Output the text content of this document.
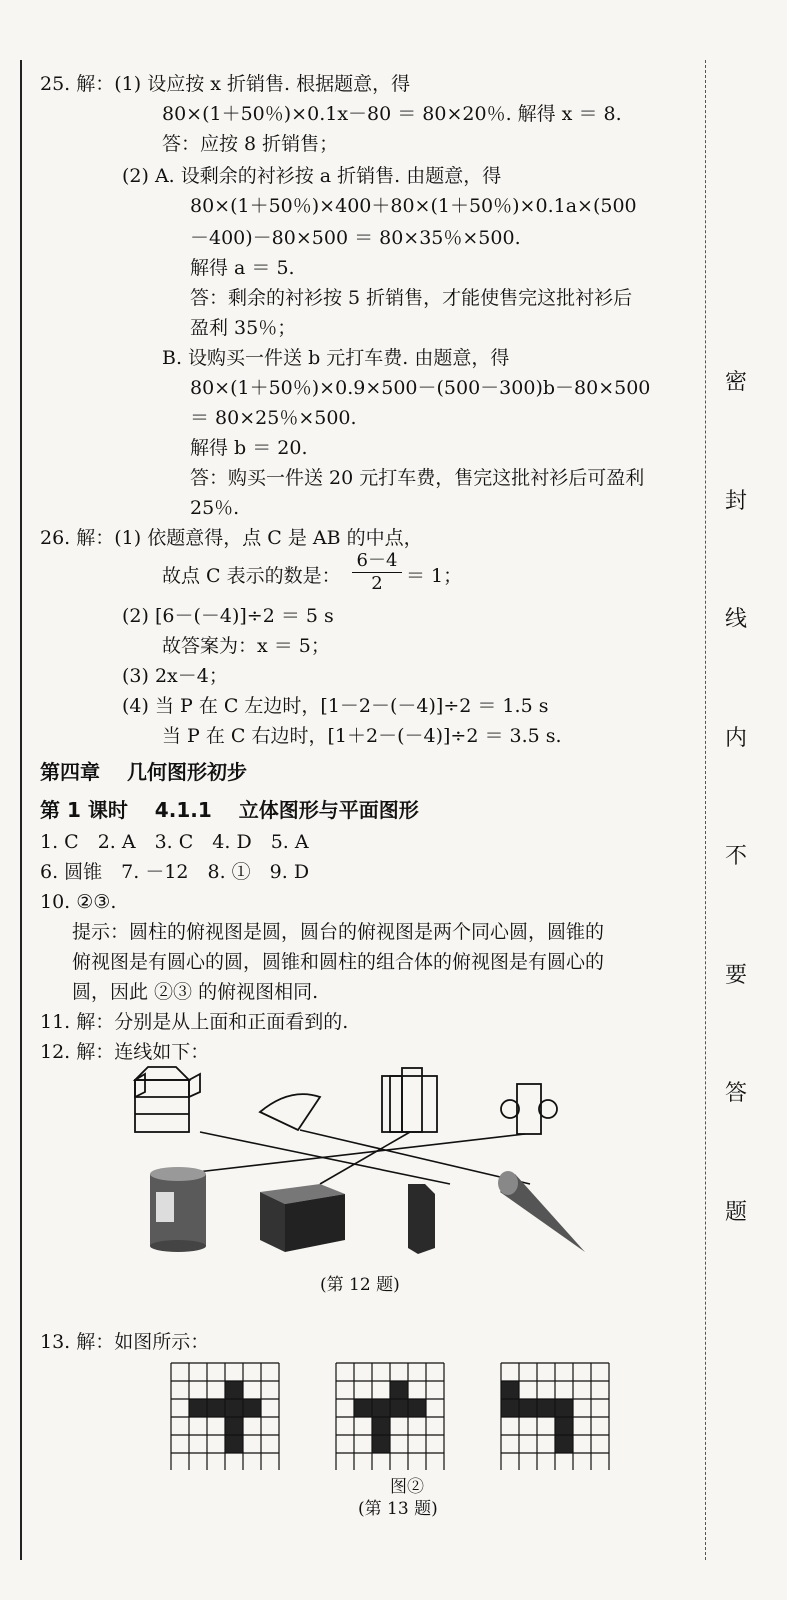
密
封
线
内
不
要
答
题
25. 解：(1) 设应按 x 折销售. 根据题意，得
80×(1＋50％)×0.1x－80 ＝ 80×20％. 解得 x ＝ 8.
答：应按 8 折销售；
(2) A. 设剩余的衬衫按 a 折销售. 由题意，得
80×(1＋50％)×400＋80×(1＋50％)×0.1a×(500
－400)－80×500 ＝ 80×35％×500.
解得 a ＝ 5.
答：剩余的衬衫按 5 折销售，才能使售完这批衬衫后
盈利 35％；
B. 设购买一件送 b 元打车费. 由题意，得
80×(1＋50％)×0.9×500－(500－300)b－80×500
＝ 80×25％×500.
解得 b ＝ 20.
答：购买一件送 20 元打车费，售完这批衬衫后可盈利
25％.
26. 解：(1) 依题意得，点 C 是 AB 的中点，
故点 C 表示的数是： $\frac{6-4}{2} = 1$；
(2) [6－(－4)]÷2 ＝ 5 s
故答案为：x ＝ 5；
(3) 2x－4；
(4) 当 P 在 C 左边时，[1－2－(－4)]÷2 ＝ 1.5 s
当 P 在 C 右边时，[1＋2－(－4)]÷2 ＝ 3.5 s.
第四章　 几何图形初步
第 1 课时　 4.1.1 　立体图形与平面图形
1. C　2. A　3. C　4. D　5. A
6. 圆锥　7. －12　8. ①　9. D
10. ②③.
提示：圆柱的俯视图是圆，圆台的俯视图是两个同心圆，圆锥的
俯视图是有圆心的圆，圆锥和圆柱的组合体的俯视图是有圆心的
圆，因此 ②③ 的俯视图相同.
11. 解：分别是从上面和正面看到的.
12. 解：连线如下：
(第 12 题)
13. 解：如图所示：
图②
(第 13 题)
